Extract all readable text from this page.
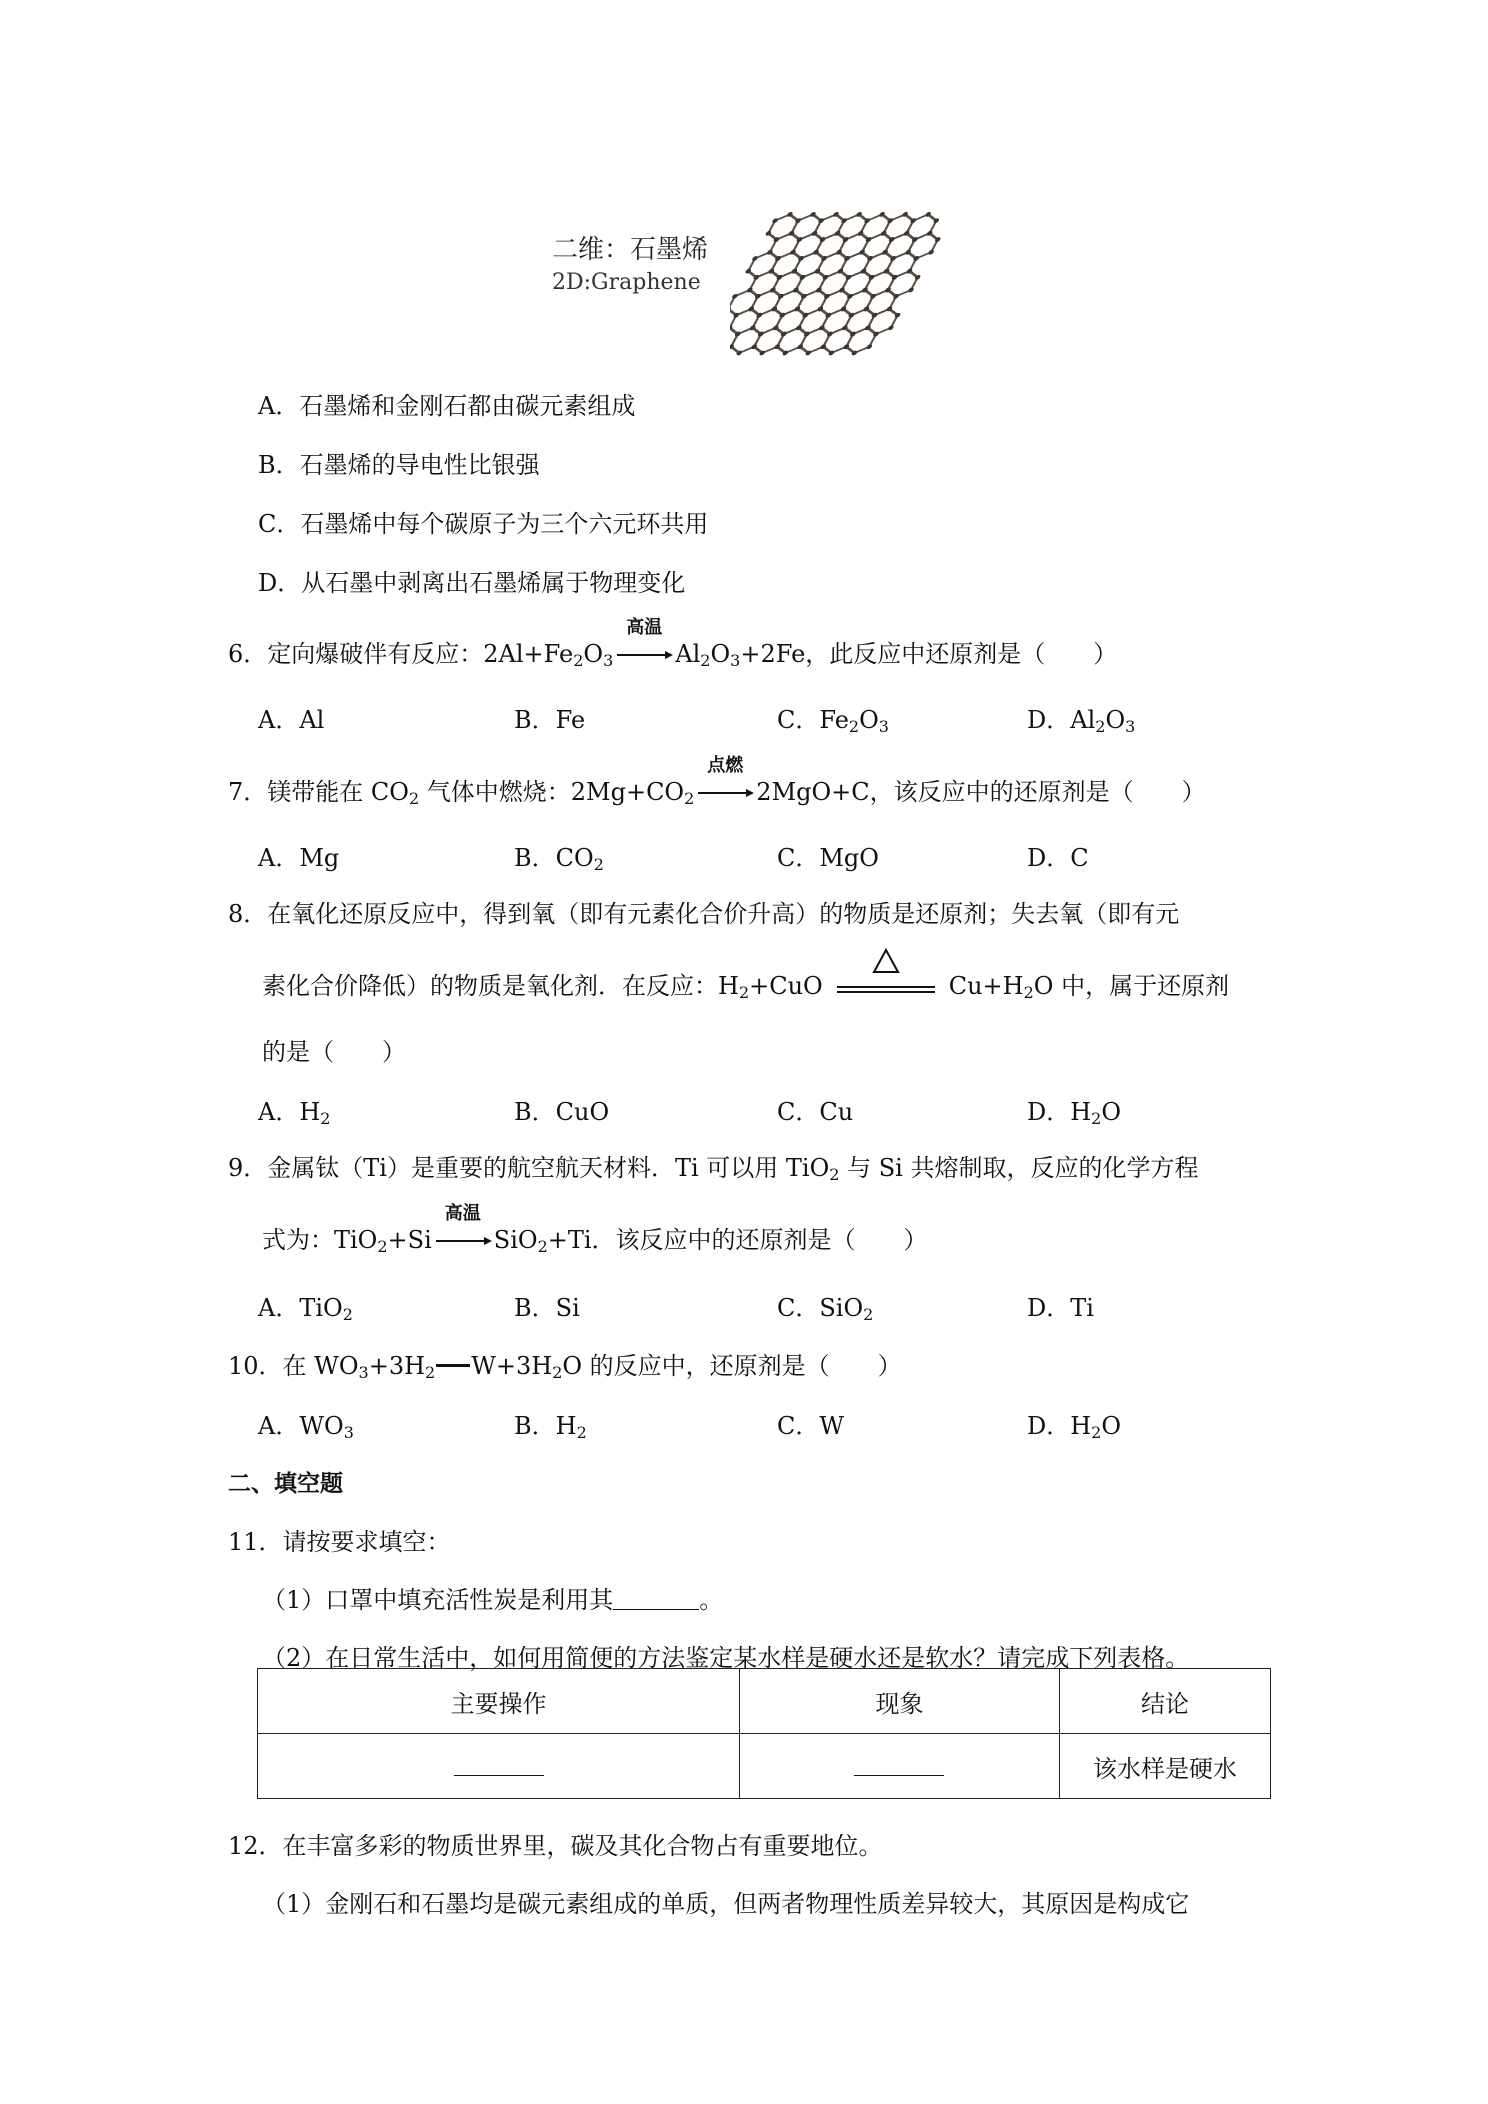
二维：石墨烯
2D:Graphene
A．石墨烯和金刚石都由碳元素组成
B．石墨烯的导电性比银强
C．石墨烯中每个碳原子为三个六元环共用
D．从石墨中剥离出石墨烯属于物理变化
6．定向爆破伴有反应：$2Al+Fe_2O_3$
高温
$Al_2O_3+2Fe$，此反应中还原剂是（　　）
A．Al	B．Fe	C．$Fe_2O_3$	D．$Al_2O_3$
7．镁带能在 $CO_2$ 气体中燃烧：$2Mg+CO_2$
点燃
2MgO+C，该反应中的还原剂是（　　）
A．Mg	B．$CO_2$	C．MgO	D．C
8．在氧化还原反应中，得到氧（即有元素化合价升高）的物质是还原剂；失去氧（即有元
素化合价降低）的物质是氧化剂．在反应：$H_2+CuO$	$Cu+H_2O$ 中，属于还原剂
的是（　　）
A．$H_2$	B．CuO	C．Cu	D．$H_2O$
9．金属钛（Ti）是重要的航空航天材料．Ti 可以用 TiO$_2$ 与 Si 共熔制取，反应的化学方程
式为：TiO$_2$+Si
高温
SiO$_2$+Ti．该反应中的还原剂是（　　）
A．TiO$_2$	B．Si	C．SiO$_2$	D．Ti
10．在 $WO_3+3H_2$ $W+3H_2O$ 的反应中，还原剂是（　　）
A．$WO_3$	B．$H_2$	C．W	D．$H_2O$
二、填空题
11．请按要求填空：
（1）口罩中填充活性炭是利用其	。
（2）在日常生活中，如何用简便的方法鉴定某水样是硬水还是软水？请完成下列表格。
主要操作	现象	结论
		该水样是硬水
12．在丰富多彩的物质世界里，碳及其化合物占有重要地位。
（1）金刚石和石墨均是碳元素组成的单质，但两者物理性质差异较大，其原因是构成它
